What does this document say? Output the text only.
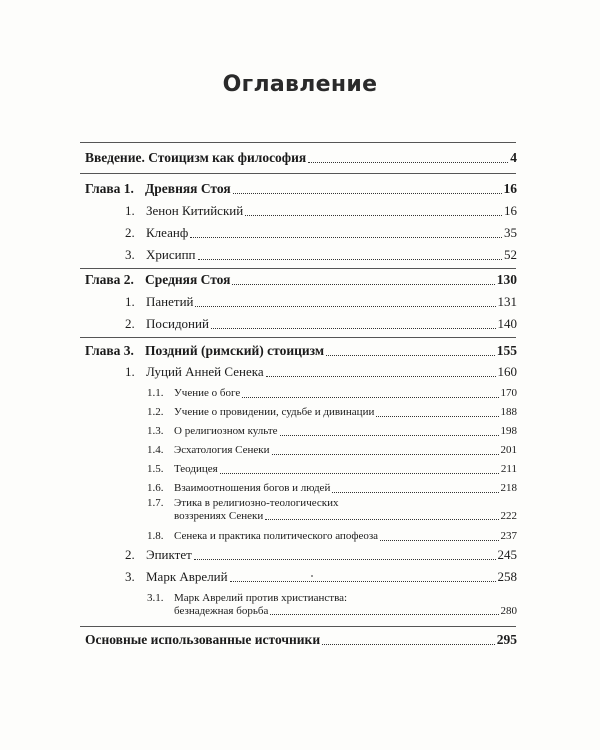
Оглавление
Введение. Стоицизм как философия	4
Глава 1. Древняя Стоя	16
1. Зенон Китийский	16
2. Клеанф	35
3. Хрисипп	52
Глава 2. Средняя Стоя	130
1. Панетий	131
2. Посидоний	140
Глава 3. Поздний (римский) стоицизм	155
1. Луций Анней Сенека	160
1.1. Учение о боге	170
1.2. Учение о провидении, судьбе и дивинации	188
1.3. О религиозном культе	198
1.4. Эсхатология Сенеки	201
1.5. Теодицея	211
1.6. Взаимоотношения богов и людей	218
1.7. Этика в религиозно-теологических
воззрениях Сенеки	222
1.8. Сенека и практика политического апофеоза	237
2. Эпиктет	245
3. Марк Аврелий	258
3.1. Марк Аврелий против христианства:
безнадежная борьба	280
Основные использованные источники	295
